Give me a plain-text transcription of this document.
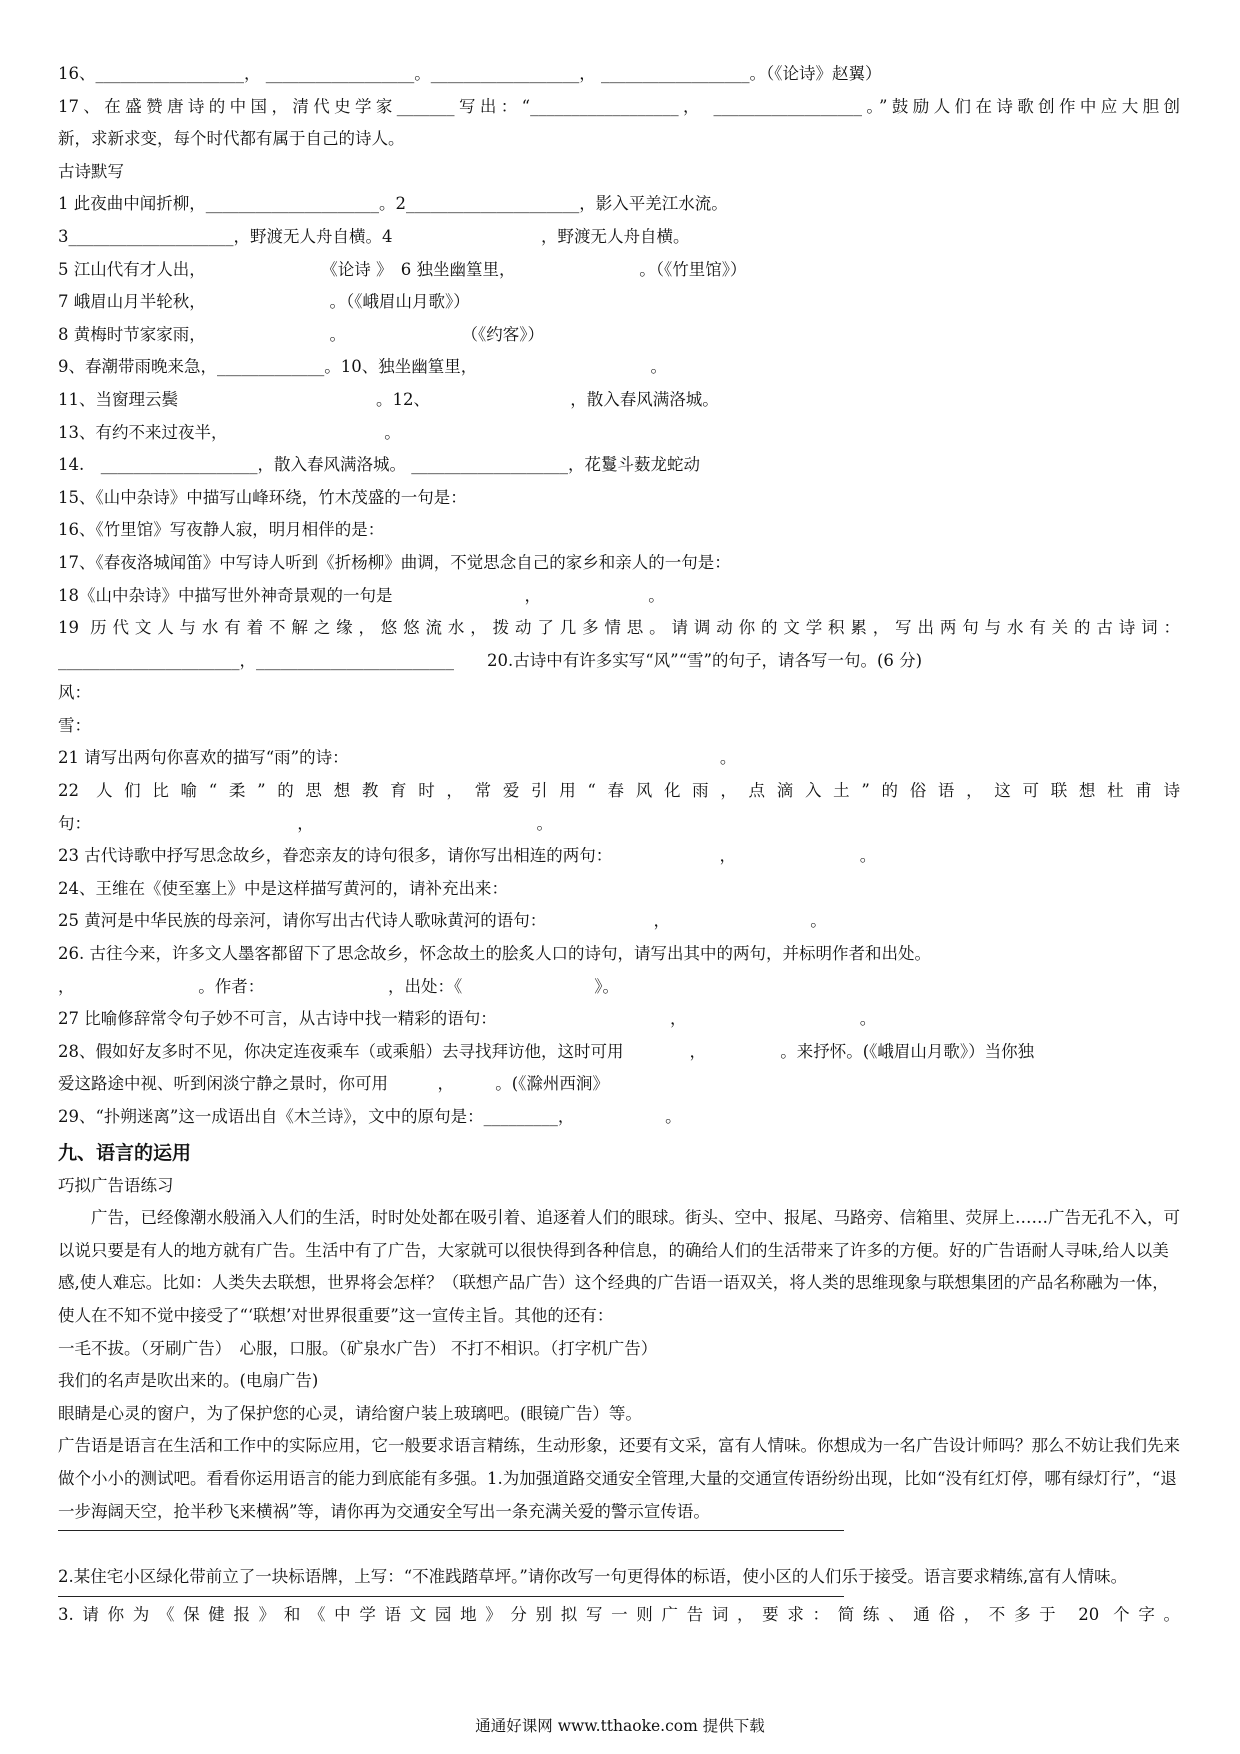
16、__________________， __________________。__________________， __________________。（《论诗》赵翼）
17、在盛赞唐诗的中国，清代史学家_______写出：“__________________， __________________。”鼓励人们在诗歌创作中应大胆创
新，求新求变，每个时代都有属于自己的诗人。
古诗默写
1 此夜曲中闻折柳，_____________________。2_____________________，影入平羌江水流。
3____________________，野渡无人舟自横。4　　　　　　　　　，野渡无人舟自横。
5 江山代有才人出，　　　　　　　　《论诗 》　6 独坐幽篁里，　　　　　　　　。（《竹里馆》）
7 峨眉山月半轮秋，　　　　　　　　。（《峨眉山月歌》）
8 黄梅时节家家雨，　　　　　　　　。　　　　　　　　（《约客》）
9、春潮带雨晚来急，_____________。10、独坐幽篁里，　　　　　　　　　　　。
11、当窗理云鬓　　　　　　　　　　　　。12、　　　　　　　　　，散入春风满洛城。
13、有约不来过夜半，　　　　　　　　　　。
14.　___________________，散入春风满洛城。 ___________________，花鬘斗薮龙蛇动
15、《山中杂诗》中描写山峰环绕，竹木茂盛的一句是：
16、《竹里馆》写夜静人寂，明月相伴的是：
17、《春夜洛城闻笛》中写诗人听到《折杨柳》曲调，不觉思念自己的家乡和亲人的一句是：
18《山中杂诗》中描写世外神奇景观的一句是　　　　　　　　，　　　　　　　。
19 历代文人与水有着不解之缘，悠悠流水，拨动了几多情思。请调动你的文学积累，写出两句与水有关的古诗词：
______________________，________________________　　20.古诗中有许多实写“风”“雪”的句子，请各写一句。(6 分)
风：
雪：
21 请写出两句你喜欢的描写“雨”的诗：　　　　　　　　　　　　　　　　　　　　　　　。
22 人们比喻“柔”的思想教育时，常爱引用“春风化雨，点滴入土”的俗语，这可联想杜甫诗
句：　　　　　　　　　　　　　，　　　　　　　　　　　　　　。
23 古代诗歌中抒写思念故乡，眷恋亲友的诗句很多，请你写出相连的两句：　　　　　　　，　　　　　　　　。
24、王维在《使至塞上》中是这样描写黄河的，请补充出来：
25 黄河是中华民族的母亲河，请你写出古代诗人歌咏黄河的语句：　　　　　　　，　　　　　　　　　。
26. 古往今来，许多文人墨客都留下了思念故乡，怀念故土的脍炙人口的诗句，请写出其中的两句，并标明作者和出处。
，　　　　　　　　。作者：　　　　　　　　，出处：《　　　　　　　　》。
27 比喻修辞常令句子妙不可言，从古诗中找一精彩的语句：　　　　　　　　　　　，　　　　　　　　　　　。
28、假如好友多时不见，你决定连夜乘车（或乘船）去寻找拜访他，这时可用　　　　，　　　　　。来抒怀。(《峨眉山月歌》）当你独
爱这路途中视、听到闲淡宁静之景时，你可用　　　，　　　。(《滁州西涧》
29、“扑朔迷离”这一成语出自《木兰诗》，文中的原句是：_________，　　　　　　。
九、语言的运用
巧拟广告语练习
广告，已经像潮水般涌入人们的生活，时时处处都在吸引着、追逐着人们的眼球。街头、空中、报尾、马路旁、信箱里、荧屏上……广告无孔不入，可以说只要是有人的地方就有广告。生活中有了广告，大家就可以很快得到各种信息，的确给人们的生活带来了许多的方便。好的广告语耐人寻味,给人以美感,使人难忘。比如：人类失去联想，世界将会怎样？（联想产品广告）这个经典的广告语一语双关，将人类的思维现象与联想集团的产品名称融为一体，使人在不知不觉中接受了“‘联想’对世界很重要”这一宣传主旨。其他的还有：
一毛不拔。（牙刷广告）　心服，口服。（矿泉水广告） 不打不相识。（打字机广告）
我们的名声是吹出来的。(电扇广告)
眼睛是心灵的窗户，为了保护您的心灵，请给窗户装上玻璃吧。(眼镜广告）等。
广告语是语言在生活和工作中的实际应用，它一般要求语言精练，生动形象，还要有文采，富有人情味。你想成为一名广告设计师吗？那么不妨让我们先来做个小小的测试吧。看看你运用语言的能力到底能有多强。1.为加强道路交通安全管理,大量的交通宣传语纷纷出现，比如“没有红灯停，哪有绿灯行”，“退一步海阔天空，抢半秒飞来横祸”等，请你再为交通安全写出一条充满关爱的警示宣传语。
2.某住宅小区绿化带前立了一块标语牌，上写：“不准践踏草坪。”请你改写一句更得体的标语，使小区的人们乐于接受。语言要求精练,富有人情味。
3.请你为《保健报》和《中学语文园地》分别拟写一则广告词，要求：简练、通俗，不多于 20 个字。
通通好课网 www.tthaoke.com 提供下载
